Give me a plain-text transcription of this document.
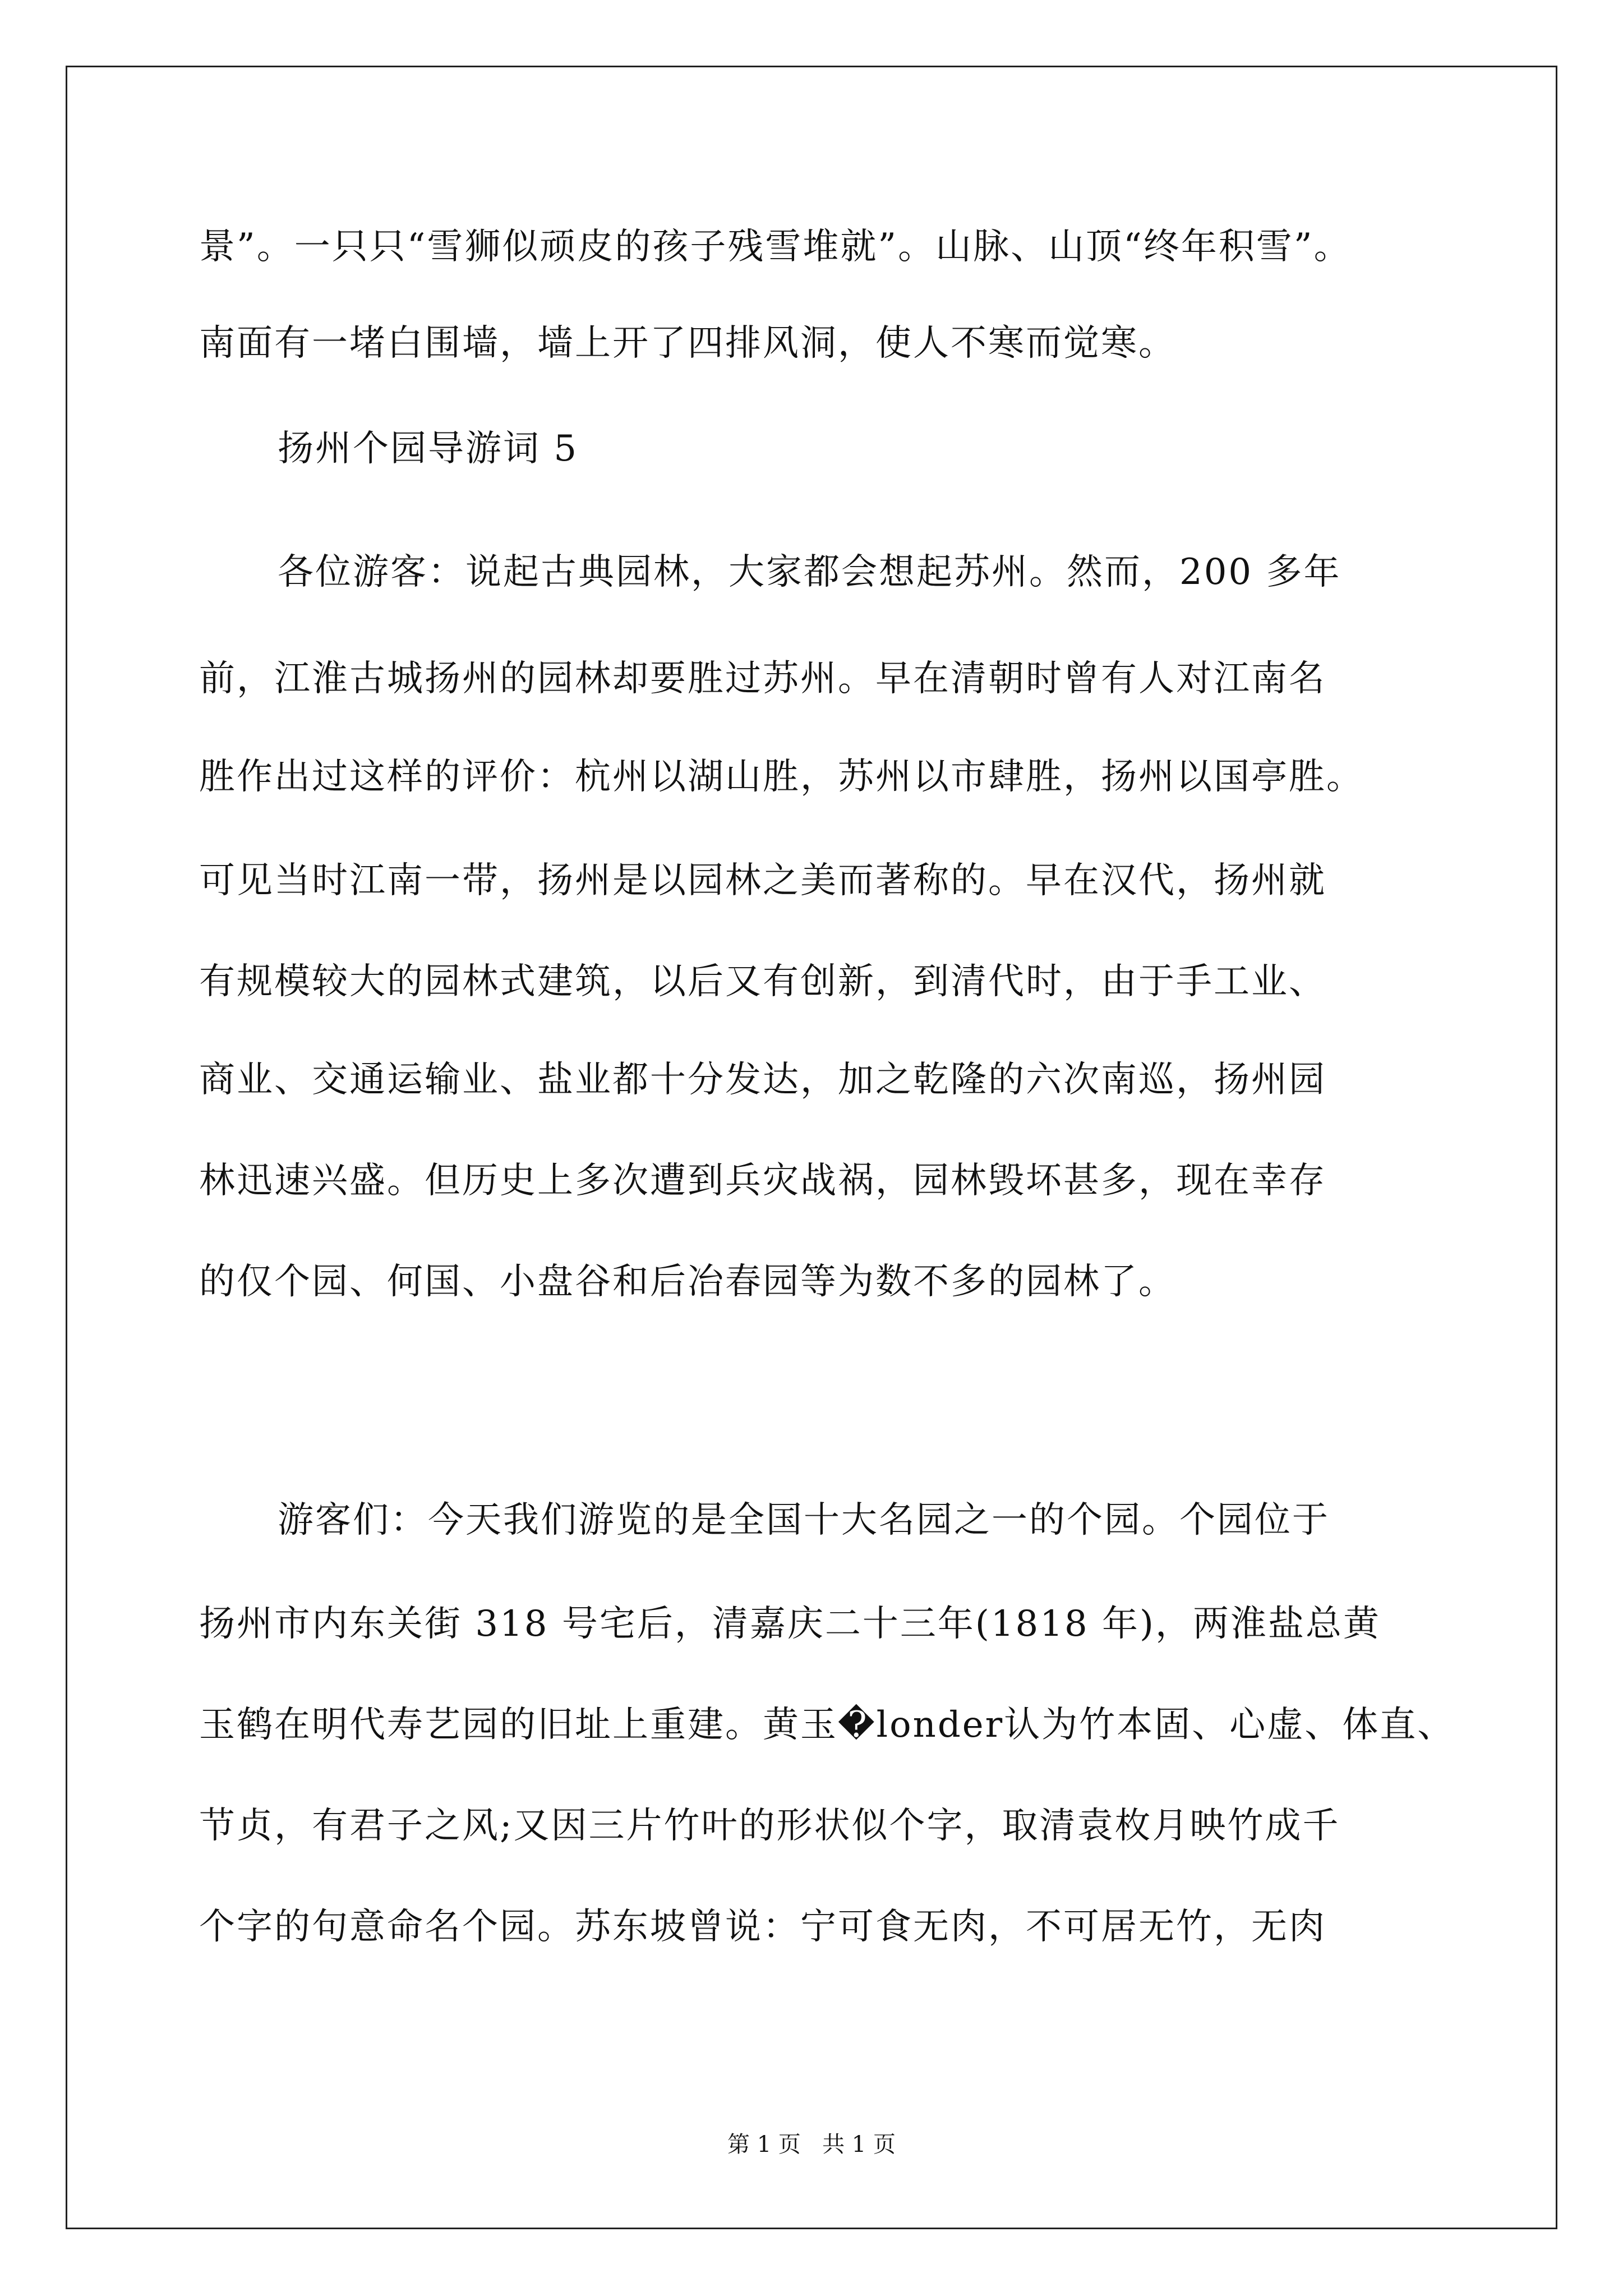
景”。一只只“雪狮似顽皮的孩子残雪堆就”。山脉、山顶“终年积雪”。
南面有一堵白围墙，墙上开了四排风洞，使人不寒而觉寒。
扬州个园导游词 5
各位游客：说起古典园林，大家都会想起苏州。然而，200 多年
前，江淮古城扬州的园林却要胜过苏州。早在清朝时曾有人对江南名
胜作出过这样的评价：杭州以湖山胜，苏州以市肆胜，扬州以国亭胜。
可见当时江南一带，扬州是以园林之美而著称的。早在汉代，扬州就
有规模较大的园林式建筑，以后又有创新，到清代时，由于手工业、
商业、交通运输业、盐业都十分发达，加之乾隆的六次南巡，扬州园
林迅速兴盛。但历史上多次遭到兵灾战祸，园林毁坏甚多，现在幸存
的仅个园、何国、小盘谷和后冶春园等为数不多的园林了。
游客们：今天我们游览的是全国十大名园之一的个园。个园位于
扬州市内东关街 318 号宅后，清嘉庆二十三年(1818 年)，两淮盐总黄
玉鹤在明代寿艺园的旧址上重建。黄玉�londer认为竹本固、心虚、体直、
节贞，有君子之风;又因三片竹叶的形状似个字，取清袁枚月映竹成千
个字的句意命名个园。苏东坡曾说：宁可食无肉，不可居无竹，无肉
第 1 页   共 1 页
